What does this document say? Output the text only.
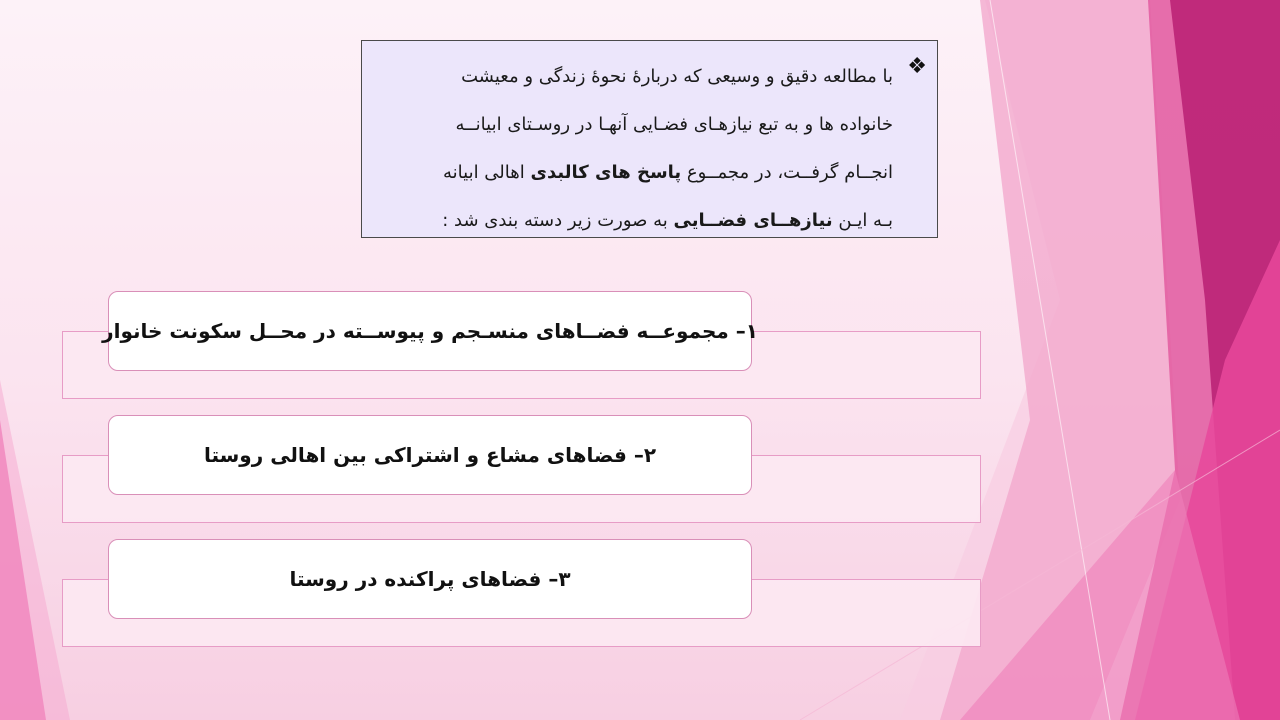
❖
با مطالعه دقیق و وسیعی که دربارهٔ نحوهٔ زندگی و معیشت
خانواده ها و به تبع نیازهـای فضـایی آنهـا در روسـتای ابیانــه
انجــام گرفــت، در مجمــوع پاسخ های کالبدی اهالی ابیانه
بـه ایـن نیازهــای فضــایی به صورت زیر دسته بندی شد :
۱– مجموعــه فضــاهای منسـجم و پیوســته در محــل سکونت خانوار
۲– فضاهای مشاع و اشتراکی بین اهالی روستا
۳– فضاهای پراکنده در روستا
